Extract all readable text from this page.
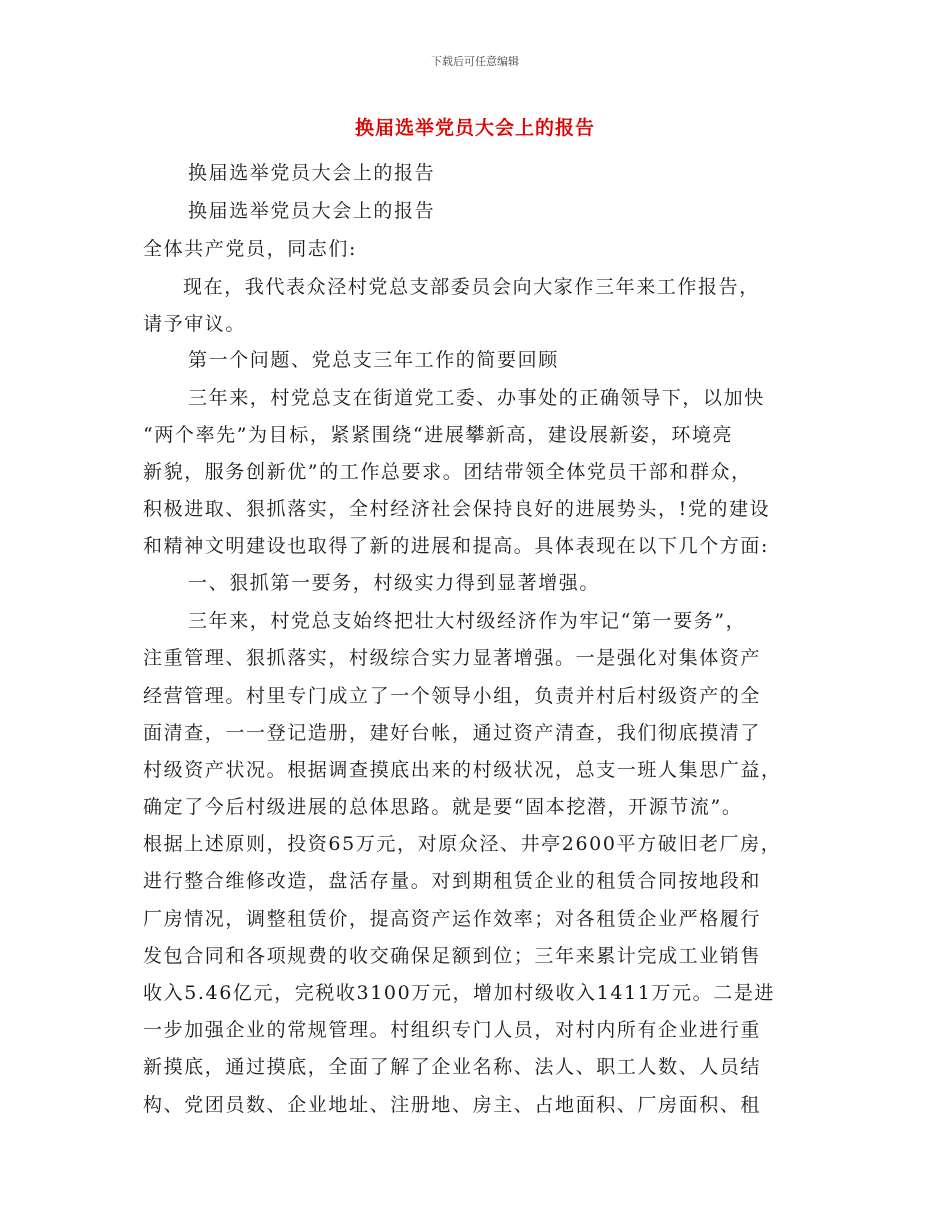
下载后可任意编辑
换届选举党员大会上的报告
换届选举党员大会上的报告
换届选举党员大会上的报告
全体共产党员，同志们:
现在，我代表众泾村党总支部委员会向大家作三年来工作报告，
请予审议。
第一个问题、党总支三年工作的简要回顾
三年来，村党总支在街道党工委、办事处的正确领导下，以加快
“两个率先”为目标，紧紧围绕“进展攀新高，建设展新姿，环境亮
新貌，服务创新优”的工作总要求。团结带领全体党员干部和群众，
积极进取、狠抓落实，全村经济社会保持良好的进展势头，!党的建设
和精神文明建设也取得了新的进展和提高。具体表现在以下几个方面:
一、狠抓第一要务，村级实力得到显著增强。
三年来，村党总支始终把壮大村级经济作为牢记“第一要务”，
注重管理、狠抓落实，村级综合实力显著增强。一是强化对集体资产
经营管理。村里专门成立了一个领导小组，负责并村后村级资产的全
面清查，一一登记造册，建好台帐，通过资产清查，我们彻底摸清了
村级资产状况。根据调查摸底出来的村级状况，总支一班人集思广益，
确定了今后村级进展的总体思路。就是要“固本挖潜，开源节流”。
根据上述原则，投资65万元，对原众泾、井亭2600平方破旧老厂房，
进行整合维修改造，盘活存量。对到期租赁企业的租赁合同按地段和
厂房情况，调整租赁价，提高资产运作效率；对各租赁企业严格履行
发包合同和各项规费的收交确保足额到位；三年来累计完成工业销售
收入5.46亿元，完税收3100万元，增加村级收入1411万元。二是进
一步加强企业的常规管理。村组织专门人员，对村内所有企业进行重
新摸底，通过摸底，全面了解了企业名称、法人、职工人数、人员结
构、党团员数、企业地址、注册地、房主、占地面积、厂房面积、租
